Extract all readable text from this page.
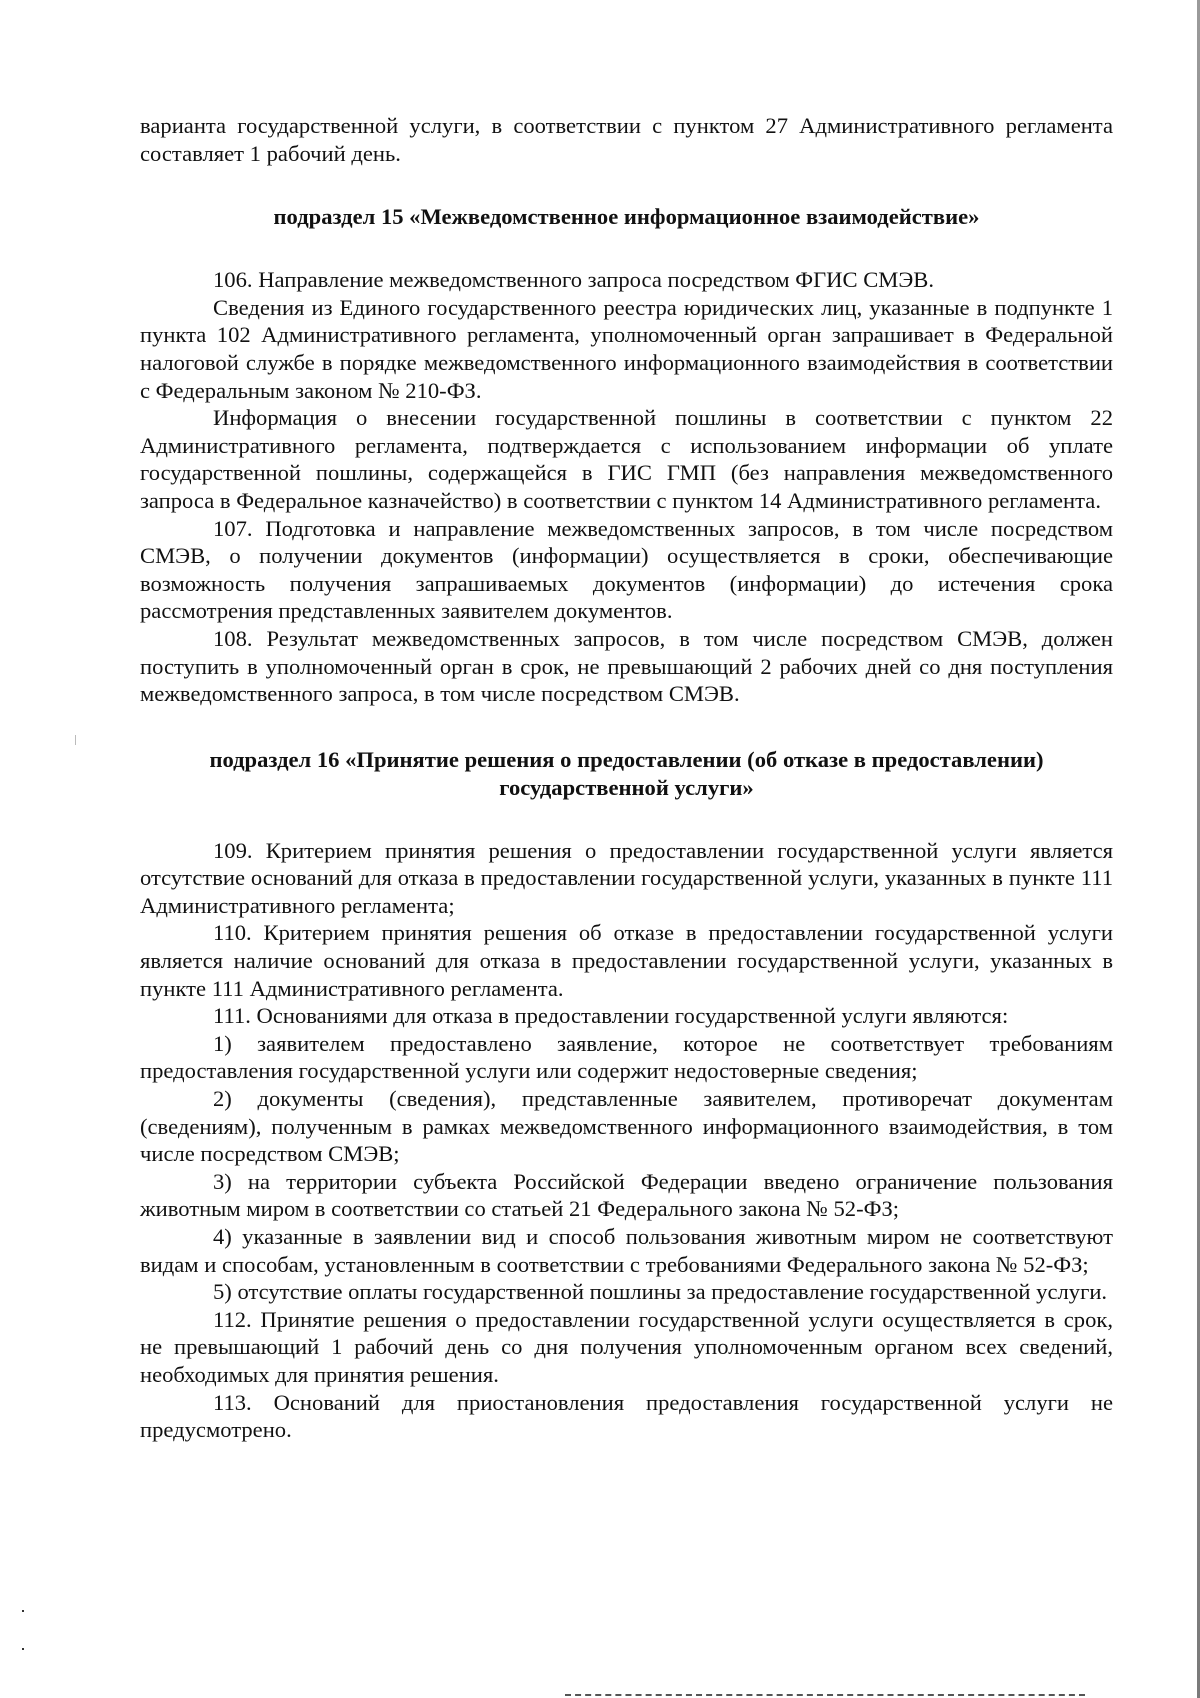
варианта государственной услуги, в соответствии с пунктом 27 Административного регламента составляет 1 рабочий день.

подраздел 15 «Межведомственное информационное взаимодействие»

106. Направление межведомственного запроса посредством ФГИС СМЭВ.

Сведения из Единого государственного реестра юридических лиц, указанные в подпункте 1 пункта 102 Административного регламента, уполномоченный орган запрашивает в Федеральной налоговой службе в порядке межведомственного информационного взаимодействия в соответствии с Федеральным законом № 210-ФЗ.

Информация о внесении государственной пошлины в соответствии с пунктом 22 Административного регламента, подтверждается с использованием информации об уплате государственной пошлины, содержащейся в ГИС ГМП (без направления межведомственного запроса в Федеральное казначейство) в соответствии с пунктом 14 Административного регламента.

107. Подготовка и направление межведомственных запросов, в том числе посредством СМЭВ, о получении документов (информации) осуществляется в сроки, обеспечивающие возможность получения запрашиваемых документов (информации) до истечения срока рассмотрения представленных заявителем документов.

108. Результат межведомственных запросов, в том числе посредством СМЭВ, должен поступить в уполномоченный орган в срок, не превышающий 2 рабочих дней со дня поступления межведомственного запроса, в том числе посредством СМЭВ.

подраздел 16 «Принятие решения о предоставлении (об отказе в предоставлении)

государственной услуги»

109. Критерием принятия решения о предоставлении государственной услуги является отсутствие оснований для отказа в предоставлении государственной услуги, указанных в пункте 111 Административного регламента;

110. Критерием принятия решения об отказе в предоставлении государственной услуги является наличие оснований для отказа в предоставлении государственной услуги, указанных в пункте 111 Административного регламента.

111. Основаниями для отказа в предоставлении государственной услуги являются:

1) заявителем предоставлено заявление, которое не соответствует требованиям предоставления государственной услуги или содержит недостоверные сведения;

2) документы (сведения), представленные заявителем, противоречат документам (сведениям), полученным в рамках межведомственного информационного взаимодействия, в том числе посредством СМЭВ;

3) на территории субъекта Российской Федерации введено ограничение пользования животным миром в соответствии со статьей 21 Федерального закона № 52-ФЗ;

4) указанные в заявлении вид и способ пользования животным миром не соответствуют видам и способам, установленным в соответствии с требованиями Федерального закона № 52-ФЗ;

5) отсутствие оплаты государственной пошлины за предоставление государственной услуги.

112. Принятие решения о предоставлении государственной услуги осуществляется в срок, не превышающий 1 рабочий день со дня получения уполномоченным органом всех сведений, необходимых для принятия решения.

113. Оснований для приостановления предоставления государственной услуги не предусмотрено.
